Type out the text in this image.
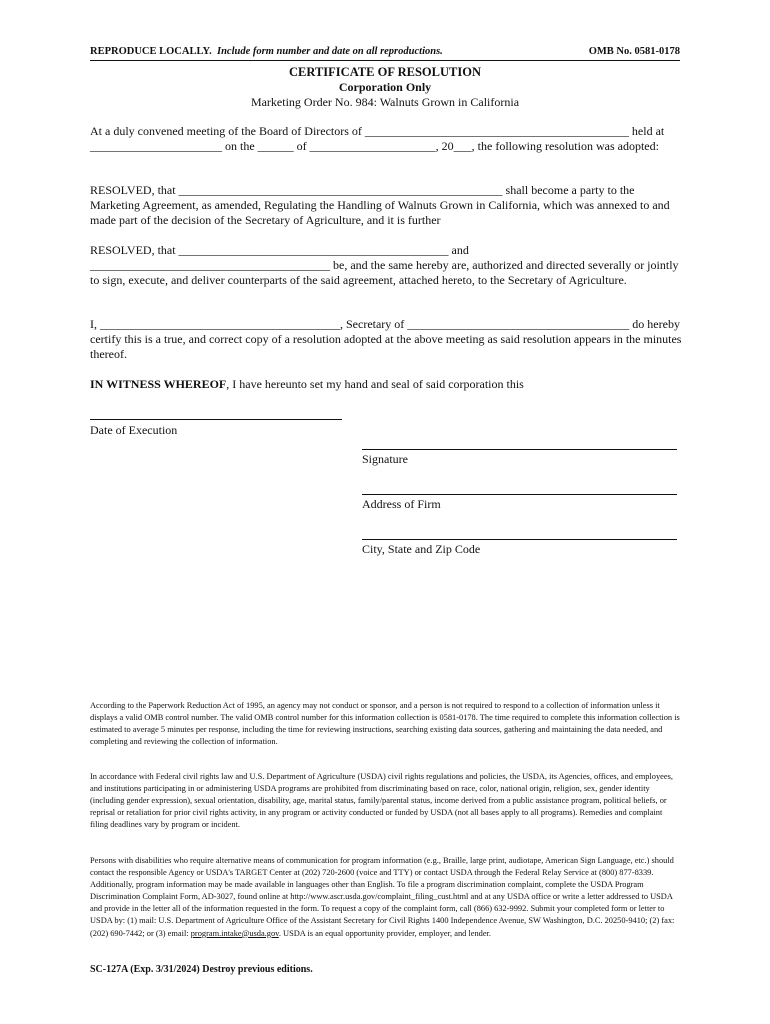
REPRODUCE LOCALLY. Include form number and date on all reproductions.	OMB No. 0581-0178
CERTIFICATE OF RESOLUTION
Corporation Only
Marketing Order No. 984: Walnuts Grown in California
At a duly convened meeting of the Board of Directors of ____________________________________________ held at ______________________ on the ______ of _____________________, 20___, the following resolution was adopted:
RESOLVED, that ______________________________________________________ shall become a party to the Marketing Agreement, as amended, Regulating the Handling of Walnuts Grown in California, which was annexed to and made part of the decision of the Secretary of Agriculture, and it is further
RESOLVED, that _____________________________________________ and ________________________________________ be, and the same hereby are, authorized and directed severally or jointly to sign, execute, and deliver counterparts of the said agreement, attached hereto, to the Secretary of Agriculture.
I, ________________________________________, Secretary of _____________________________________ do hereby certify this is a true, and correct copy of a resolution adopted at the above meeting as said resolution appears in the minutes thereof.
IN WITNESS WHEREOF, I have hereunto set my hand and seal of said corporation this
Date of Execution
Signature
Address of Firm
City, State and Zip Code
According to the Paperwork Reduction Act of 1995, an agency may not conduct or sponsor, and a person is not required to respond to a collection of information unless it displays a valid OMB control number. The valid OMB control number for this information collection is 0581-0178. The time required to complete this information collection is estimated to average 5 minutes per response, including the time for reviewing instructions, searching existing data sources, gathering and maintaining the data needed, and completing and reviewing the collection of information.
In accordance with Federal civil rights law and U.S. Department of Agriculture (USDA) civil rights regulations and policies, the USDA, its Agencies, offices, and employees, and institutions participating in or administering USDA programs are prohibited from discriminating based on race, color, national origin, religion, sex, gender identity (including gender expression), sexual orientation, disability, age, marital status, family/parental status, income derived from a public assistance program, political beliefs, or reprisal or retaliation for prior civil rights activity, in any program or activity conducted or funded by USDA (not all bases apply to all programs). Remedies and complaint filing deadlines vary by program or incident.
Persons with disabilities who require alternative means of communication for program information (e.g., Braille, large print, audiotape, American Sign Language, etc.) should contact the responsible Agency or USDA's TARGET Center at (202) 720-2600 (voice and TTY) or contact USDA through the Federal Relay Service at (800) 877-8339. Additionally, program information may be made available in languages other than English. To file a program discrimination complaint, complete the USDA Program Discrimination Complaint Form, AD-3027, found online at http://www.ascr.usda.gov/complaint_filing_cust.html and at any USDA office or write a letter addressed to USDA and provide in the letter all of the information requested in the form. To request a copy of the complaint form, call (866) 632-9992. Submit your completed form or letter to USDA by: (1) mail: U.S. Department of Agriculture Office of the Assistant Secretary for Civil Rights 1400 Independence Avenue, SW Washington, D.C. 20250-9410; (2) fax: (202) 690-7442; or (3) email: program.intake@usda.gov. USDA is an equal opportunity provider, employer, and lender.
SC-127A (Exp. 3/31/2024) Destroy previous editions.
